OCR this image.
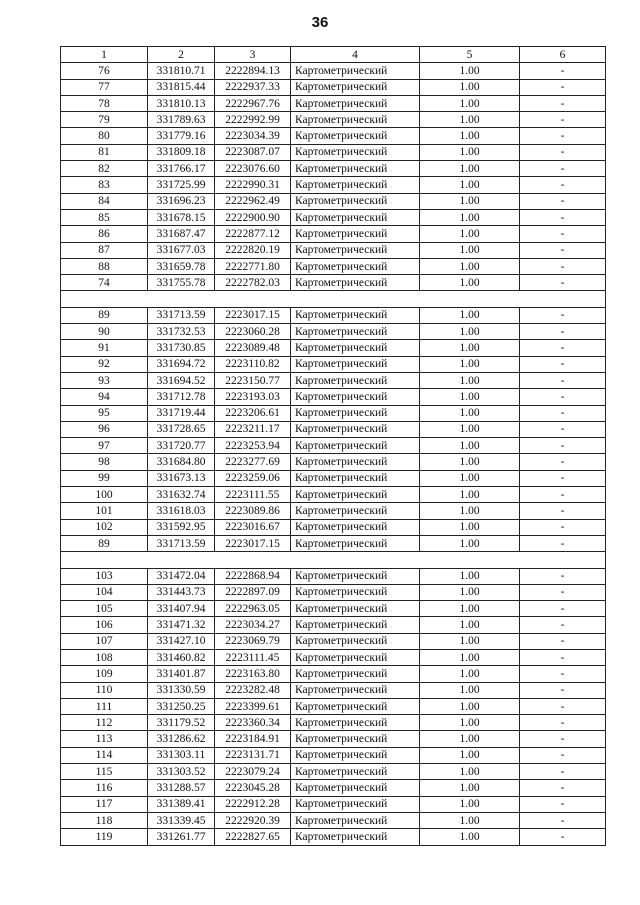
36
1	2	3	4	5	6
76	331810.71	2222894.13	Картометрический	1.00	-
77	331815.44	2222937.33	Картометрический	1.00	-
78	331810.13	2222967.76	Картометрический	1.00	-
79	331789.63	2222992.99	Картометрический	1.00	-
80	331779.16	2223034.39	Картометрический	1.00	-
81	331809.18	2223087.07	Картометрический	1.00	-
82	331766.17	2223076.60	Картометрический	1.00	-
83	331725.99	2222990.31	Картометрический	1.00	-
84	331696.23	2222962.49	Картометрический	1.00	-
85	331678.15	2222900.90	Картометрический	1.00	-
86	331687.47	2222877.12	Картометрический	1.00	-
87	331677.03	2222820.19	Картометрический	1.00	-
88	331659.78	2222771.80	Картометрический	1.00	-
74	331755.78	2222782.03	Картометрический	1.00	-

89	331713.59	2223017.15	Картометрический	1.00	-
90	331732.53	2223060.28	Картометрический	1.00	-
91	331730.85	2223089.48	Картометрический	1.00	-
92	331694.72	2223110.82	Картометрический	1.00	-
93	331694.52	2223150.77	Картометрический	1.00	-
94	331712.78	2223193.03	Картометрический	1.00	-
95	331719.44	2223206.61	Картометрический	1.00	-
96	331728.65	2223211.17	Картометрический	1.00	-
97	331720.77	2223253.94	Картометрический	1.00	-
98	331684.80	2223277.69	Картометрический	1.00	-
99	331673.13	2223259.06	Картометрический	1.00	-
100	331632.74	2223111.55	Картометрический	1.00	-
101	331618.03	2223089.86	Картометрический	1.00	-
102	331592.95	2223016.67	Картометрический	1.00	-
89	331713.59	2223017.15	Картометрический	1.00	-

103	331472.04	2222868.94	Картометрический	1.00	-
104	331443.73	2222897.09	Картометрический	1.00	-
105	331407.94	2222963.05	Картометрический	1.00	-
106	331471.32	2223034.27	Картометрический	1.00	-
107	331427.10	2223069.79	Картометрический	1.00	-
108	331460.82	2223111.45	Картометрический	1.00	-
109	331401.87	2223163.80	Картометрический	1.00	-
110	331330.59	2223282.48	Картометрический	1.00	-
111	331250.25	2223399.61	Картометрический	1.00	-
112	331179.52	2223360.34	Картометрический	1.00	-
113	331286.62	2223184.91	Картометрический	1.00	-
114	331303.11	2223131.71	Картометрический	1.00	-
115	331303.52	2223079.24	Картометрический	1.00	-
116	331288.57	2223045.28	Картометрический	1.00	-
117	331389.41	2222912.28	Картометрический	1.00	-
118	331339.45	2222920.39	Картометрический	1.00	-
119	331261.77	2222827.65	Картометрический	1.00	-
